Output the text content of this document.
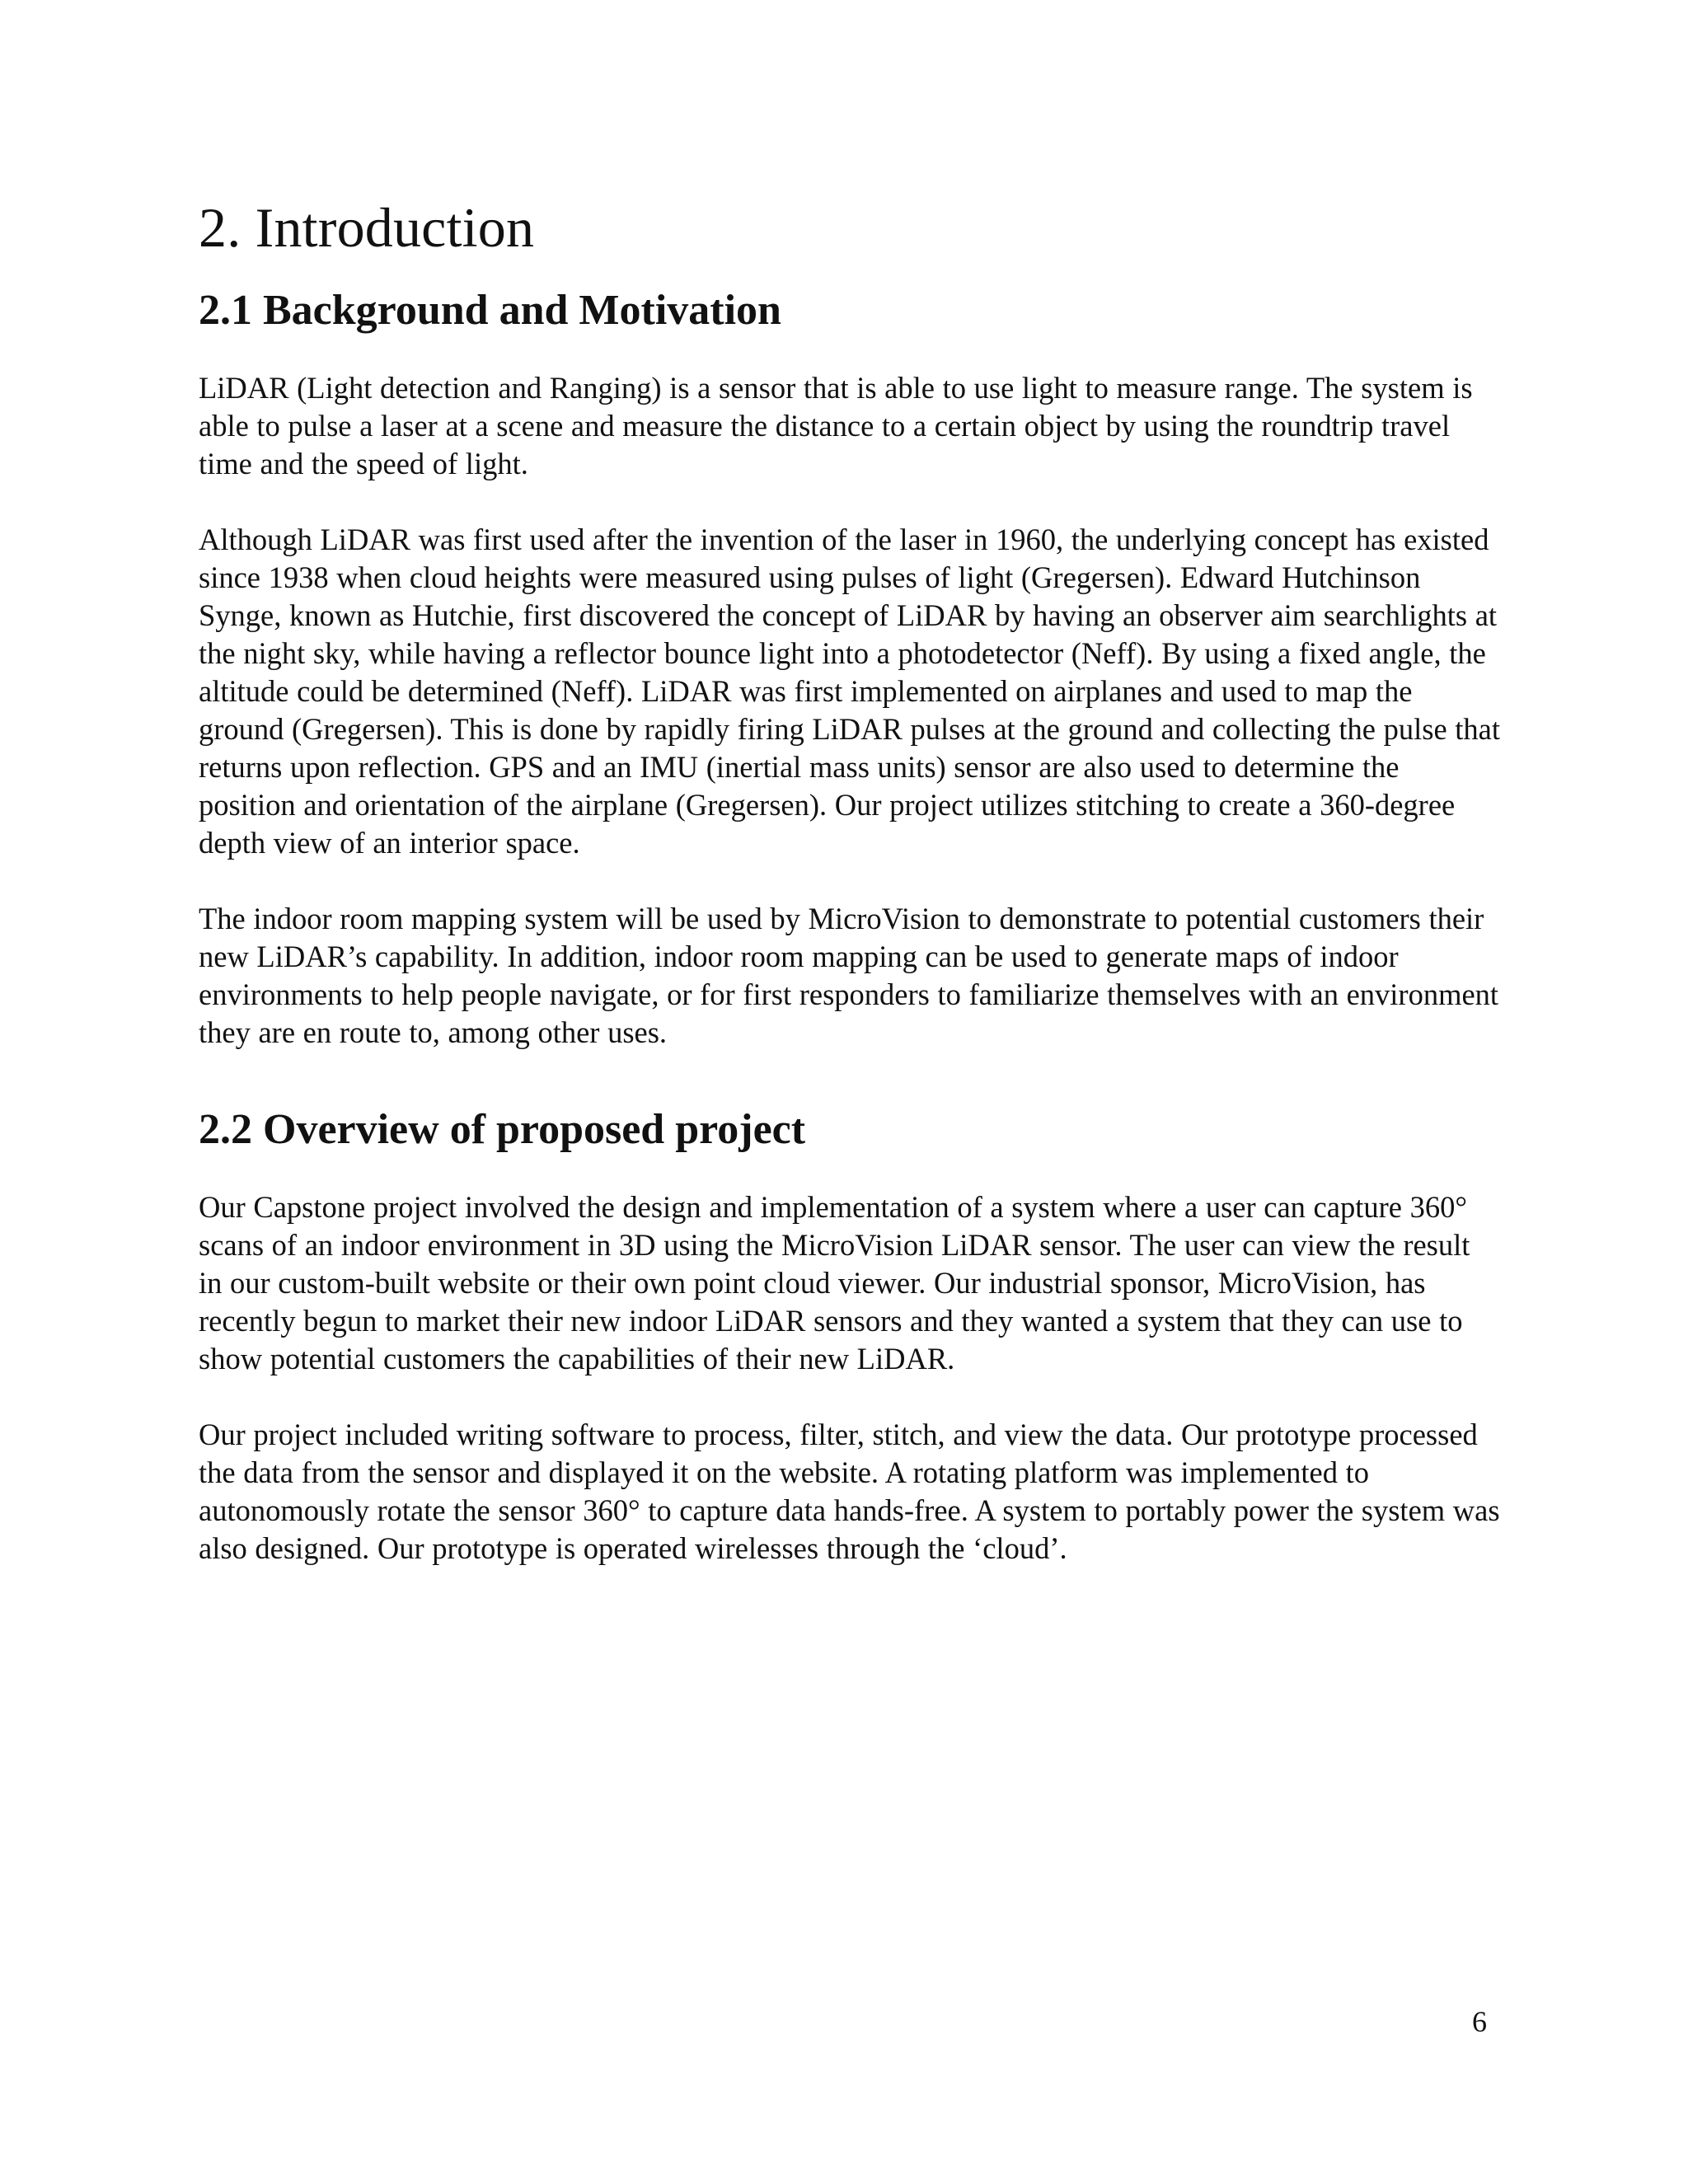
2. Introduction
2.1 Background and Motivation

LiDAR (Light detection and Ranging) is a sensor that is able to use light to measure range. The system is able to pulse a laser at a scene and measure the distance to a certain object by using the roundtrip travel time and the speed of light.

Although LiDAR was first used after the invention of the laser in 1960, the underlying concept has existed since 1938 when cloud heights were measured using pulses of light (Gregersen). Edward Hutchinson Synge, known as Hutchie, first discovered the concept of LiDAR by having an observer aim searchlights at the night sky, while having a reflector bounce light into a photodetector (Neff). By using a fixed angle, the altitude could be determined (Neff). LiDAR was first implemented on airplanes and used to map the ground (Gregersen). This is done by rapidly firing LiDAR pulses at the ground and collecting the pulse that returns upon reflection. GPS and an IMU (inertial mass units) sensor are also used to determine the position and orientation of the airplane (Gregersen). Our project utilizes stitching to create a 360-degree depth view of an interior space.

The indoor room mapping system will be used by MicroVision to demonstrate to potential customers their new LiDAR’s capability. In addition, indoor room mapping can be used to generate maps of indoor environments to help people navigate, or for first responders to familiarize themselves with an environment they are en route to, among other uses.

2.2 Overview of proposed project

Our Capstone project involved the design and implementation of a system where a user can capture 360° scans of an indoor environment in 3D using the MicroVision LiDAR sensor. The user can view the result in our custom-built website or their own point cloud viewer. Our industrial sponsor, MicroVision, has recently begun to market their new indoor LiDAR sensors and they wanted a system that they can use to show potential customers the capabilities of their new LiDAR.

Our project included writing software to process, filter, stitch, and view the data. Our prototype processed the data from the sensor and displayed it on the website. A rotating platform was implemented to autonomously rotate the sensor 360° to capture data hands-free. A system to portably power the system was also designed. Our prototype is operated wirelesses through the ‘cloud’.

6
